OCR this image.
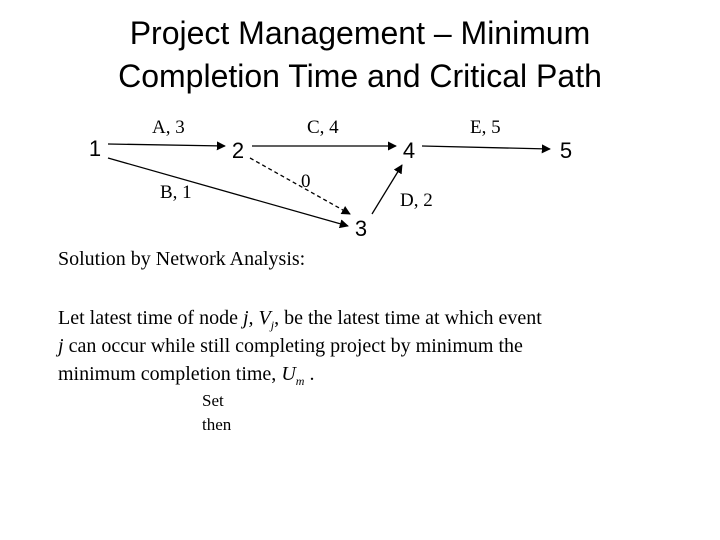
Project Management – Minimum
Completion Time and Critical Path
1	2
3
4	5
A, 3	C, 4	E, 5
B, 1	D, 2
0
Solution by Network Analysis:
Let latest time of node j, $V_j$, be the latest time at which event
j can occur while still completing project by minimum the
minimum completion time, $U_m$ .
Set
then
